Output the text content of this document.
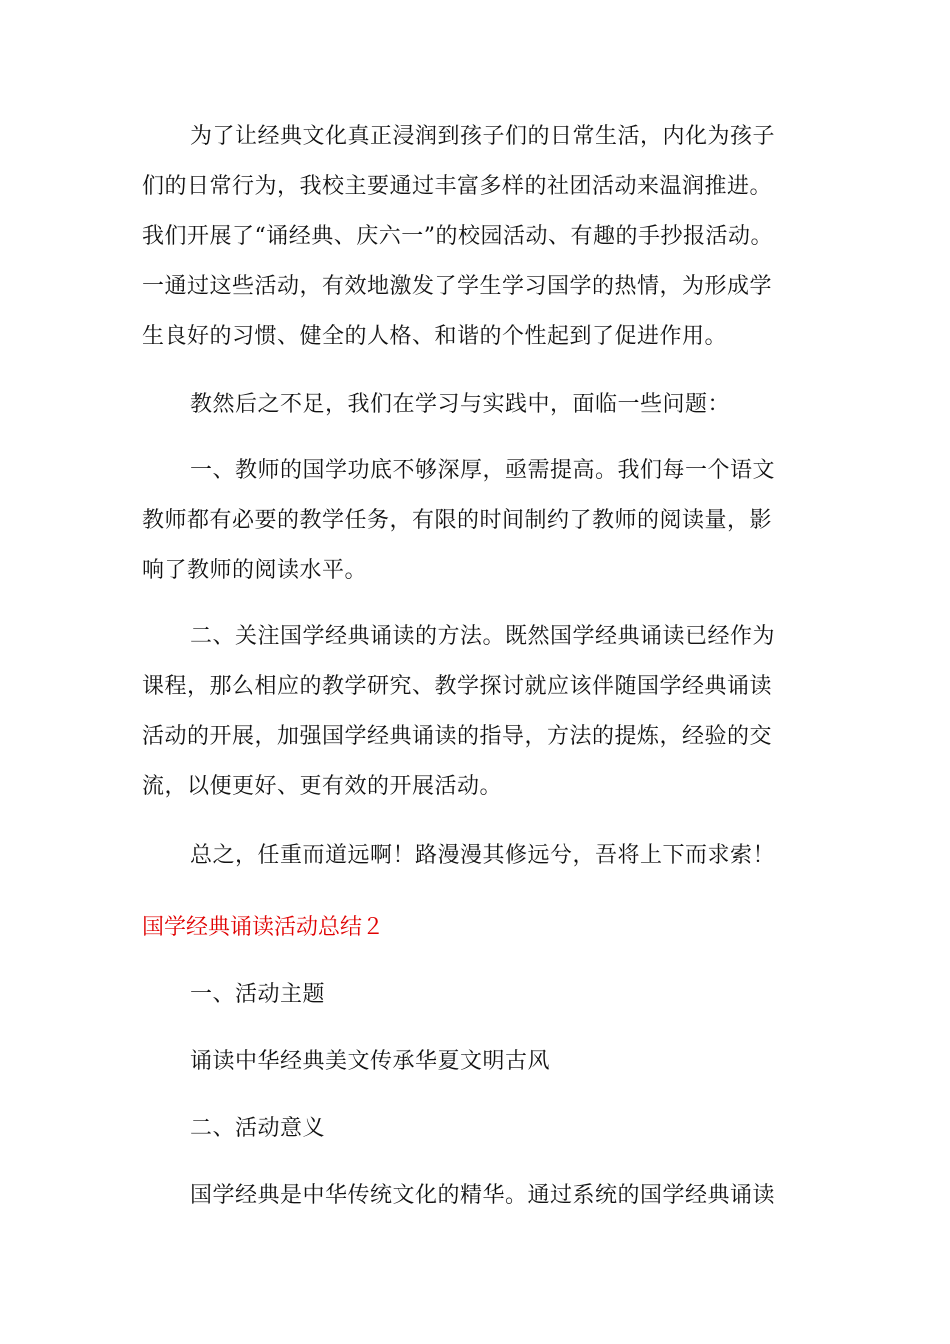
为了让经典文化真正浸润到孩子们的日常生活，内化为孩子
们的日常行为，我校主要通过丰富多样的社团活动来温润推进。
我们开展了“诵经典、庆六一”的校园活动、有趣的手抄报活动。
一通过这些活动，有效地激发了学生学习国学的热情，为形成学
生良好的习惯、健全的人格、和谐的个性起到了促进作用。

教然后之不足，我们在学习与实践中，面临一些问题：

一、教师的国学功底不够深厚，亟需提高。我们每一个语文
教师都有必要的教学任务，有限的时间制约了教师的阅读量，影
响了教师的阅读水平。

二、关注国学经典诵读的方法。既然国学经典诵读已经作为
课程，那么相应的教学研究、教学探讨就应该伴随国学经典诵读
活动的开展，加强国学经典诵读的指导，方法的提炼，经验的交
流，以便更好、更有效的开展活动。

总之，任重而道远啊！路漫漫其修远兮，吾将上下而求索！

国学经典诵读活动总结２

一、活动主题

诵读中华经典美文传承华夏文明古风

二、活动意义

国学经典是中华传统文化的精华。通过系统的国学经典诵读
